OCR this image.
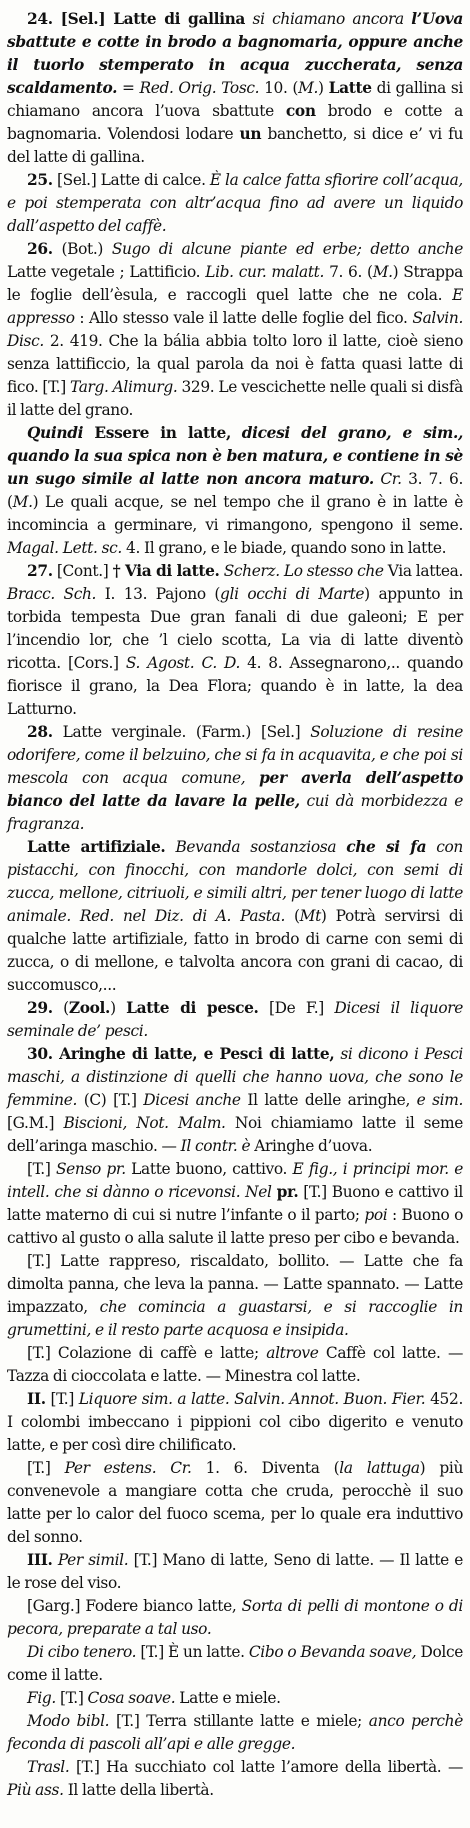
24. [Sel.] Latte di gallina si chiamano ancora l’Uova sbattute e cotte in brodo a bagnomaria, oppure anche il tuorlo stemperato in acqua zuccherata, senza scaldamento. = Red. Orig. Tosc. 10. (M.) Latte di gallina si chiamano ancora l’uova sbattute con brodo e cotte a bagnomaria. Volendosi lodare un banchetto, si dice e’ vi fu del latte di gallina.

25. [Sel.] Latte di calce. È la calce fatta sfiorire coll’acqua, e poi stemperata con altr’acqua fino ad avere un liquido dall’aspetto del caffè.

26. (Bot.) Sugo di alcune piante ed erbe; detto anche Latte vegetale ; Lattificio. Lib. cur. malatt. 7. 6. (M.) Strappa le foglie dell’èsula, e raccogli quel latte che ne cola. E appresso : Allo stesso vale il latte delle foglie del fico. Salvin. Disc. 2. 419. Che la bália abbia tolto loro il latte, cioè sieno senza lattificcio, la qual parola da noi è fatta quasi latte di fico. [T.] Targ. Alimurg. 329. Le vescichette nelle quali si disfà il latte del grano.

Quindi Essere in latte, dicesi del grano, e sim., quando la sua spica non è ben matura, e contiene in sè un sugo simile al latte non ancora maturo. Cr. 3. 7. 6. (M.) Le quali acque, se nel tempo che il grano è in latte è incomincia a germinare, vi rimangono, spengono il seme. Magal. Lett. sc. 4. Il grano, e le biade, quando sono in latte.

27. [Cont.] † Via di latte. Scherz. Lo stesso che Via lattea. Bracc. Sch. I. 13. Pajono (gli occhi di Marte) appunto in torbida tempesta Due gran fanali di due galeoni; E per l’incendio lor, che ’l cielo scotta, La via di latte diventò ricotta. [Cors.] S. Agost. C. D. 4. 8. Assegnarono,.. quando fiorisce il grano, la Dea Flora; quando è in latte, la dea Latturno.

28. Latte verginale. (Farm.) [Sel.] Soluzione di resine odorifere, come il belzuino, che si fa in acquavita, e che poi si mescola con acqua comune, per averla dell’aspetto bianco del latte da lavare la pelle, cui dà morbidezza e fragranza.

Latte artifiziale. Bevanda sostanziosa che si fa con pistacchi, con finocchi, con mandorle dolci, con semi di zucca, mellone, citriuoli, e simili altri, per tener luogo di latte animale. Red. nel Diz. di A. Pasta. (Mt) Potrà servirsi di qualche latte artifiziale, fatto in brodo di carne con semi di zucca, o di mellone, e talvolta ancora con grani di cacao, di succomusco,...

29. (Zool.) Latte di pesce. [De F.] Dicesi il liquore seminale de’ pesci.

30. Aringhe di latte, e Pesci di latte, si dicono i Pesci maschi, a distinzione di quelli che hanno uova, che sono le femmine. (C) [T.] Dicesi anche Il latte delle aringhe, e sim. [G.M.] Biscioni, Not. Malm. Noi chiamiamo latte il seme dell’aringa maschio. — Il contr. è Aringhe d’uova.

[T.] Senso pr. Latte buono, cattivo. E fig., i principi mor. e intell. che si dànno o ricevonsi. Nel pr. [T.] Buono e cattivo il latte materno di cui si nutre l’infante o il parto; poi : Buono o cattivo al gusto o alla salute il latte preso per cibo e bevanda.

[T.] Latte rappreso, riscaldato, bollito. — Latte che fa dimolta panna, che leva la panna. — Latte spannato. — Latte impazzato, che comincia a guastarsi, e si raccoglie in grumettini, e il resto parte acquosa e insipida.

[T.] Colazione di caffè e latte; altrove Caffè col latte. — Tazza di cioccolata e latte. — Minestra col latte.

II. [T.] Liquore sim. a latte. Salvin. Annot. Buon. Fier. 452. I colombi imbeccano i pippioni col cibo digerito e venuto latte, e per così dire chilificato.

[T.] Per estens. Cr. 1. 6. Diventa (la lattuga) più convenevole a mangiare cotta che cruda, perocchè il suo latte per lo calor del fuoco scema, per lo quale era induttivo del sonno.

III. Per simil. [T.] Mano di latte, Seno di latte. — Il latte e le rose del viso.

[Garg.] Fodere bianco latte, Sorta di pelli di montone o di pecora, preparate a tal uso.

Di cibo tenero. [T.] È un latte. Cibo o Bevanda soave, Dolce come il latte.

Fig. [T.] Cosa soave. Latte e miele.

Modo bibl. [T.] Terra stillante latte e miele; anco perchè feconda di pascoli all’api e alle gregge.

Trasl. [T.] Ha succhiato col latte l’amore della libertà. — Più ass. Il latte della libertà.
